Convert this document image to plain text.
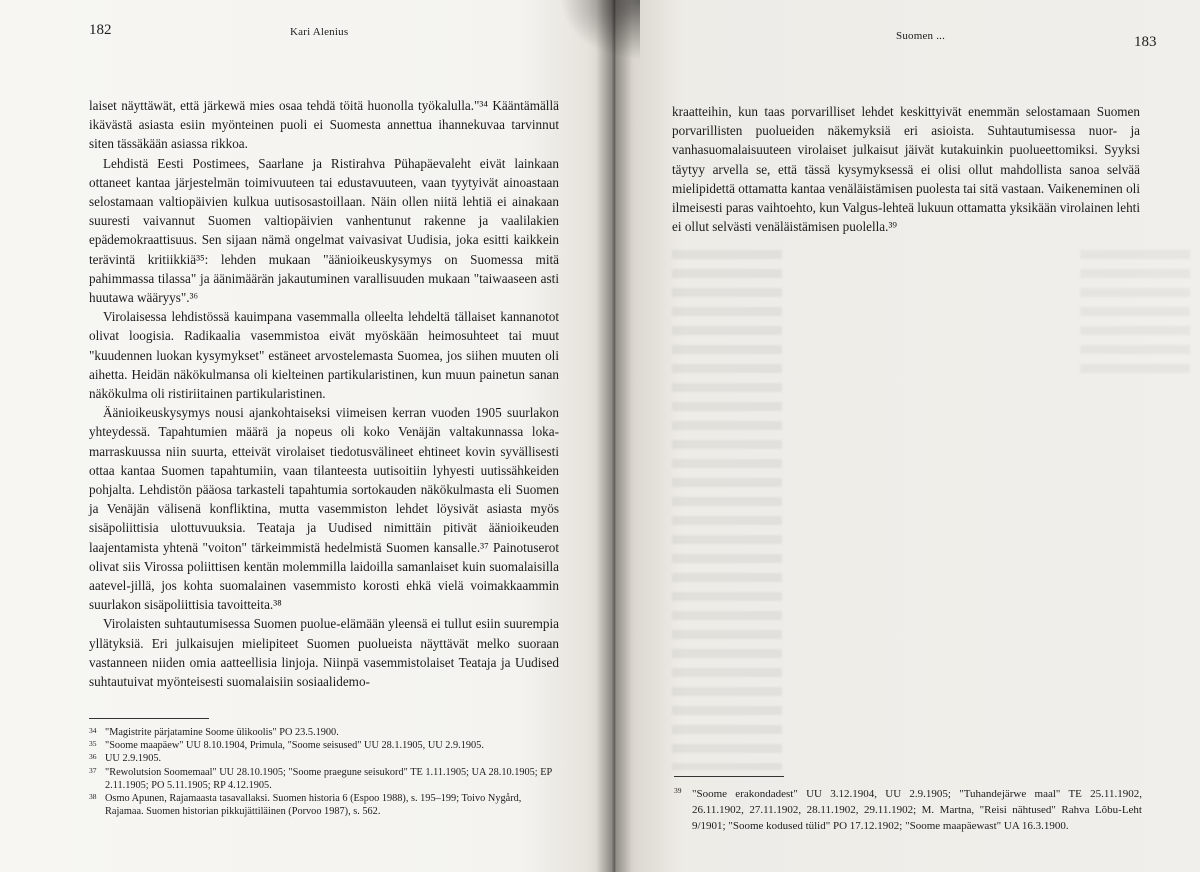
182	Kari Alenius

laiset näyttäwät, että järkewä mies osaa tehdä töitä huonolla työkalulla."³⁴ Kääntämällä ikävästä asiasta esiin myönteinen puoli ei Suomesta annettua ihannekuvaa tarvinnut siten tässäkään asiassa rikkoa.

Lehdistä Eesti Postimees, Saarlane ja Ristirahva Pühapäevaleht eivät lainkaan ottaneet kantaa järjestelmän toimivuuteen tai edustavuuteen, vaan tyytyivät ainoastaan selostamaan valtiopäivien kulkua uutisosastoillaan. Näin ollen niitä lehtiä ei ainakaan suuresti vaivannut Suomen valtiopäivien vanhentunut rakenne ja vaalilakien epädemokraattisuus. Sen sijaan nämä ongelmat vaivasivat Uudisia, joka esitti kaikkein terävintä kritiikkiä³⁵: lehden mukaan "äänioikeuskysymys on Suomessa mitä pahimmassa tilassa" ja äänimäärän jakautuminen varallisuuden mukaan "taiwaaseen asti huutawa wääryys".³⁶

Virolaisessa lehdistössä kauimpana vasemmalla olleelta lehdeltä tällaiset kannanotot olivat loogisia. Radikaalia vasemmistoa eivät myöskään heimosuhteet tai muut "kuudennen luokan kysymykset" estäneet arvostelemasta Suomea, jos siihen muuten oli aihetta. Heidän näkökulmansa oli kielteinen partikularistinen, kun muun painetun sanan näkökulma oli ristiriitainen partikularistinen.

Äänioikeuskysymys nousi ajankohtaiseksi viimeisen kerran vuoden 1905 suurlakon yhteydessä. Tapahtumien määrä ja nopeus oli koko Venäjän valtakunnassa loka-marraskuussa niin suurta, etteivät virolaiset tiedotusvälineet ehtineet kovin syvällisesti ottaa kantaa Suomen tapahtumiin, vaan tilanteesta uutisoitiin lyhyesti uutissähkeiden pohjalta. Lehdistön pääosa tarkasteli tapahtumia sortokauden näkökulmasta eli Suomen ja Venäjän välisenä konfliktina, mutta vasemmiston lehdet löysivät asiasta myös sisäpoliittisia ulottuvuuksia. Teataja ja Uudised nimittäin pitivät äänioikeuden laajentamista yhtenä "voiton" tärkeimmistä hedelmistä Suomen kansalle.³⁷ Painotuserot olivat siis Virossa poliittisen kentän molemmilla laidoilla samanlaiset kuin suomalaisilla aatevel-jillä, jos kohta suomalainen vasemmisto korosti ehkä vielä voimakkaammin suurlakon sisäpoliittisia tavoitteita.³⁸

Virolaisten suhtautumisessa Suomen puolue-elämään yleensä ei tullut esiin suurempia yllätyksiä. Eri julkaisujen mielipiteet Suomen puolueista näyttävät melko suoraan vastanneen niiden omia aatteellisia linjoja. Niinpä vasemmistolaiset Teataja ja Uudised suhtautuivat myönteisesti suomalaisiin sosiaalidemo-

34 "Magistrite pärjatamine Soome ülikoolis" PO 23.5.1900.
35 "Soome maapäew" UU 8.10.1904, Primula, "Soome seisused" UU 28.1.1905, UU 2.9.1905.
36 UU 2.9.1905.
37 "Rewolutsion Soomemaal" UU 28.10.1905; "Soome praegune seisukord" TE 1.11.1905; UA 28.10.1905; EP 2.11.1905; PO 5.11.1905; RP 4.12.1905.
38 Osmo Apunen, Rajamaasta tasavallaksi. Suomen historia 6 (Espoo 1988), s. 195–199; Toivo Nygård, Rajamaa. Suomen historian pikkujättiläinen (Porvoo 1987), s. 562.
Suomen ...	183

kraatteihin, kun taas porvarilliset lehdet keskittyivät enemmän selostamaan Suomen porvarillisten puolueiden näkemyksiä eri asioista. Suhtautumisessa nuor- ja vanhasuomalaisuuteen virolaiset julkaisut jäivät kutakuinkin puolueettomiksi. Syyksi täytyy arvella se, että tässä kysymyksessä ei olisi ollut mahdollista sanoa selvää mielipidettä ottamatta kantaa venäläistämisen puolesta tai sitä vastaan. Vaikeneminen oli ilmeisesti paras vaihtoehto, kun Valgus-lehteä lukuun ottamatta yksikään virolainen lehti ei ollut selvästi venäläistämisen puolella.³⁹

39 "Soome erakondadest" UU 3.12.1904, UU 2.9.1905; "Tuhandejärwe maal" TE 25.11.1902, 26.11.1902, 27.11.1902, 28.11.1902, 29.11.1902; M. Martna, "Reisi nähtused" Rahva Lõbu-Leht 9/1901; "Soome kodused tülid" PO 17.12.1902; "Soome maapäewast" UA 16.3.1900.
